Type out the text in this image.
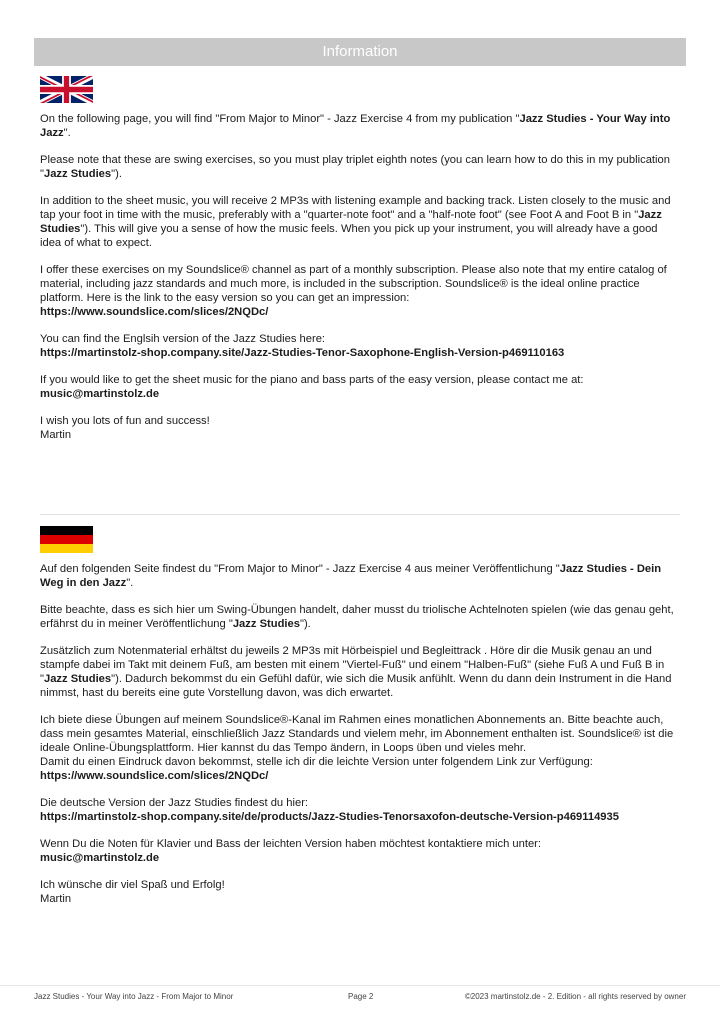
Information

On the following page, you will find "From Major to Minor" - Jazz Exercise 4 from my publication "Jazz Studies - Your Way into Jazz".

Please note that these are swing exercises, so you must play triplet eighth notes (you can learn how to do this in my publication "Jazz Studies").

In addition to the sheet music, you will receive 2 MP3s with listening example and backing track. Listen closely to the music and tap your foot in time with the music, preferably with a "quarter-note foot" and a "half-note foot" (see Foot A and Foot B in "Jazz Studies"). This will give you a sense of how the music feels. When you pick up your instrument, you will already have a good idea of what to expect.

I offer these exercises on my Soundslice® channel as part of a monthly subscription. Please also note that my entire catalog of material, including jazz standards and much more, is included in the subscription. Soundslice® is the ideal online practice platform. Here is the link to the easy version so you can get an impression:
https://www.soundslice.com/slices/2NQDc/

You can find the Englsih version of the Jazz Studies here:
https://martinstolz-shop.company.site/Jazz-Studies-Tenor-Saxophone-English-Version-p469110163

If you would like to get the sheet music for the piano and bass parts of the easy version, please contact me at:
music@martinstolz.de

I wish you lots of fun and success!
Martin

Auf den folgenden Seite findest du "From Major to Minor" - Jazz Exercise 4 aus meiner Veröffentlichung "Jazz Studies - Dein Weg in den Jazz".

Bitte beachte, dass es sich hier um Swing-Übungen handelt, daher musst du triolische Achtelnoten spielen (wie das genau geht, erfährst du in meiner Veröffentlichung "Jazz Studies").

Zusätzlich zum Notenmaterial erhältst du jeweils 2 MP3s mit Hörbeispiel und Begleittrack . Höre dir die Musik genau an und stampfe dabei im Takt mit deinem Fuß, am besten mit einem "Viertel-Fuß" und einem "Halben-Fuß" (siehe Fuß A und Fuß B in "Jazz Studies"). Dadurch bekommst du ein Gefühl dafür, wie sich die Musik anfühlt. Wenn du dann dein Instrument in die Hand nimmst, hast du bereits eine gute Vorstellung davon, was dich erwartet.

Ich biete diese Übungen auf meinem Soundslice®-Kanal im Rahmen eines monatlichen Abonnements an. Bitte beachte auch, dass mein gesamtes Material, einschließlich Jazz Standards und vielem mehr, im Abonnement enthalten ist. Soundslice® ist die ideale Online-Übungsplattform. Hier kannst du das Tempo ändern, in Loops üben und vieles mehr.
Damit du einen Eindruck davon bekommst, stelle ich dir die leichte Version unter folgendem Link zur Verfügung:
https://www.soundslice.com/slices/2NQDc/

Die deutsche Version der Jazz Studies findest du hier:
https://martinstolz-shop.company.site/de/products/Jazz-Studies-Tenorsaxofon-deutsche-Version-p469114935

Wenn Du die Noten für Klavier und Bass der leichten Version haben möchtest kontaktiere mich unter:
music@martinstolz.de

Ich wünsche dir viel Spaß und Erfolg!
Martin

Jazz Studies - Your Way into Jazz - From Major to Minor	Page 2	©2023 martinstolz.de - 2. Edition - all rights reserved by owner
